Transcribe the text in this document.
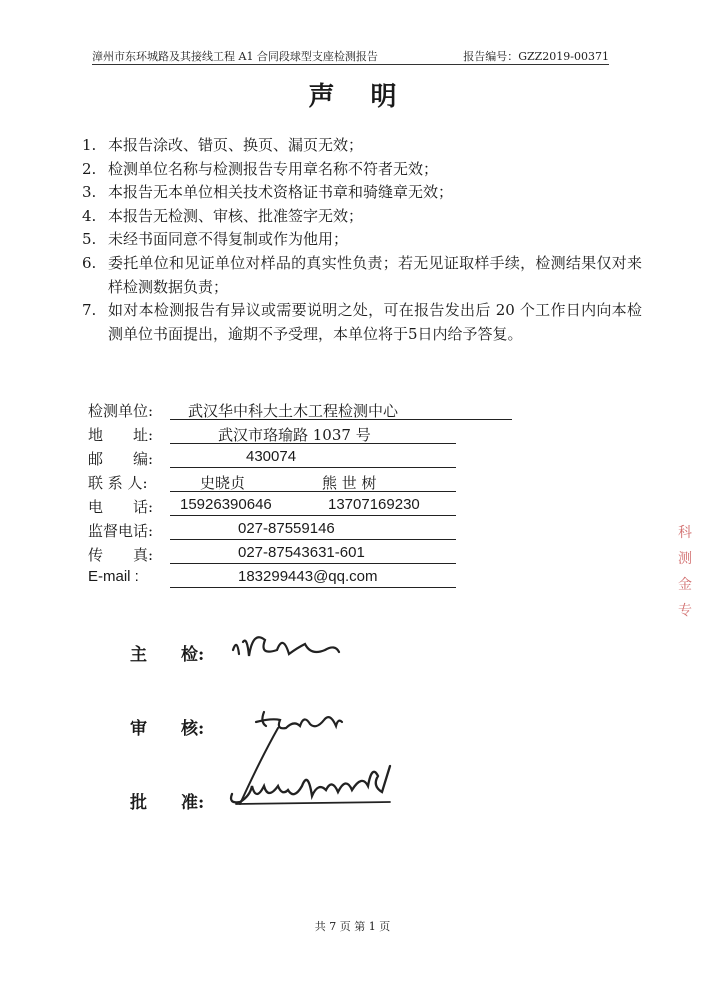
漳州市东环城路及其接线工程 A1 合同段球型支座检测报告	报告编号：GZZ2019-00371
声明
1. 本报告涂改、错页、换页、漏页无效；
2. 检测单位名称与检测报告专用章名称不符者无效；
3. 本报告无本单位相关技术资格证书章和骑缝章无效；
4. 本报告无检测、审核、批准签字无效；
5. 未经书面同意不得复制或作为他用；
6. 委托单位和见证单位对样品的真实性负责；若无见证取样手续，检测结果仅对来样检测数据负责；
7. 如对本检测报告有异议或需要说明之处，可在报告发出后 20 个工作日内向本检测单位书面提出，逾期不予受理，本单位将于5日内给予答复。
检测单位:	武汉华中科大土木工程检测中心
地　　址:	武汉市珞瑜路 1037 号
邮　　编:	430074
联 系 人:	史晓贞	熊 世 树
电　　话:	15926390646	13707169230
监督电话:	027-87559146
传　　真:	027-87543631-601
E-mail :	183299443@qq.com
主　　检:
审　　核:
批　　准:
科
测
金
专
共 7 页 第 1 页
